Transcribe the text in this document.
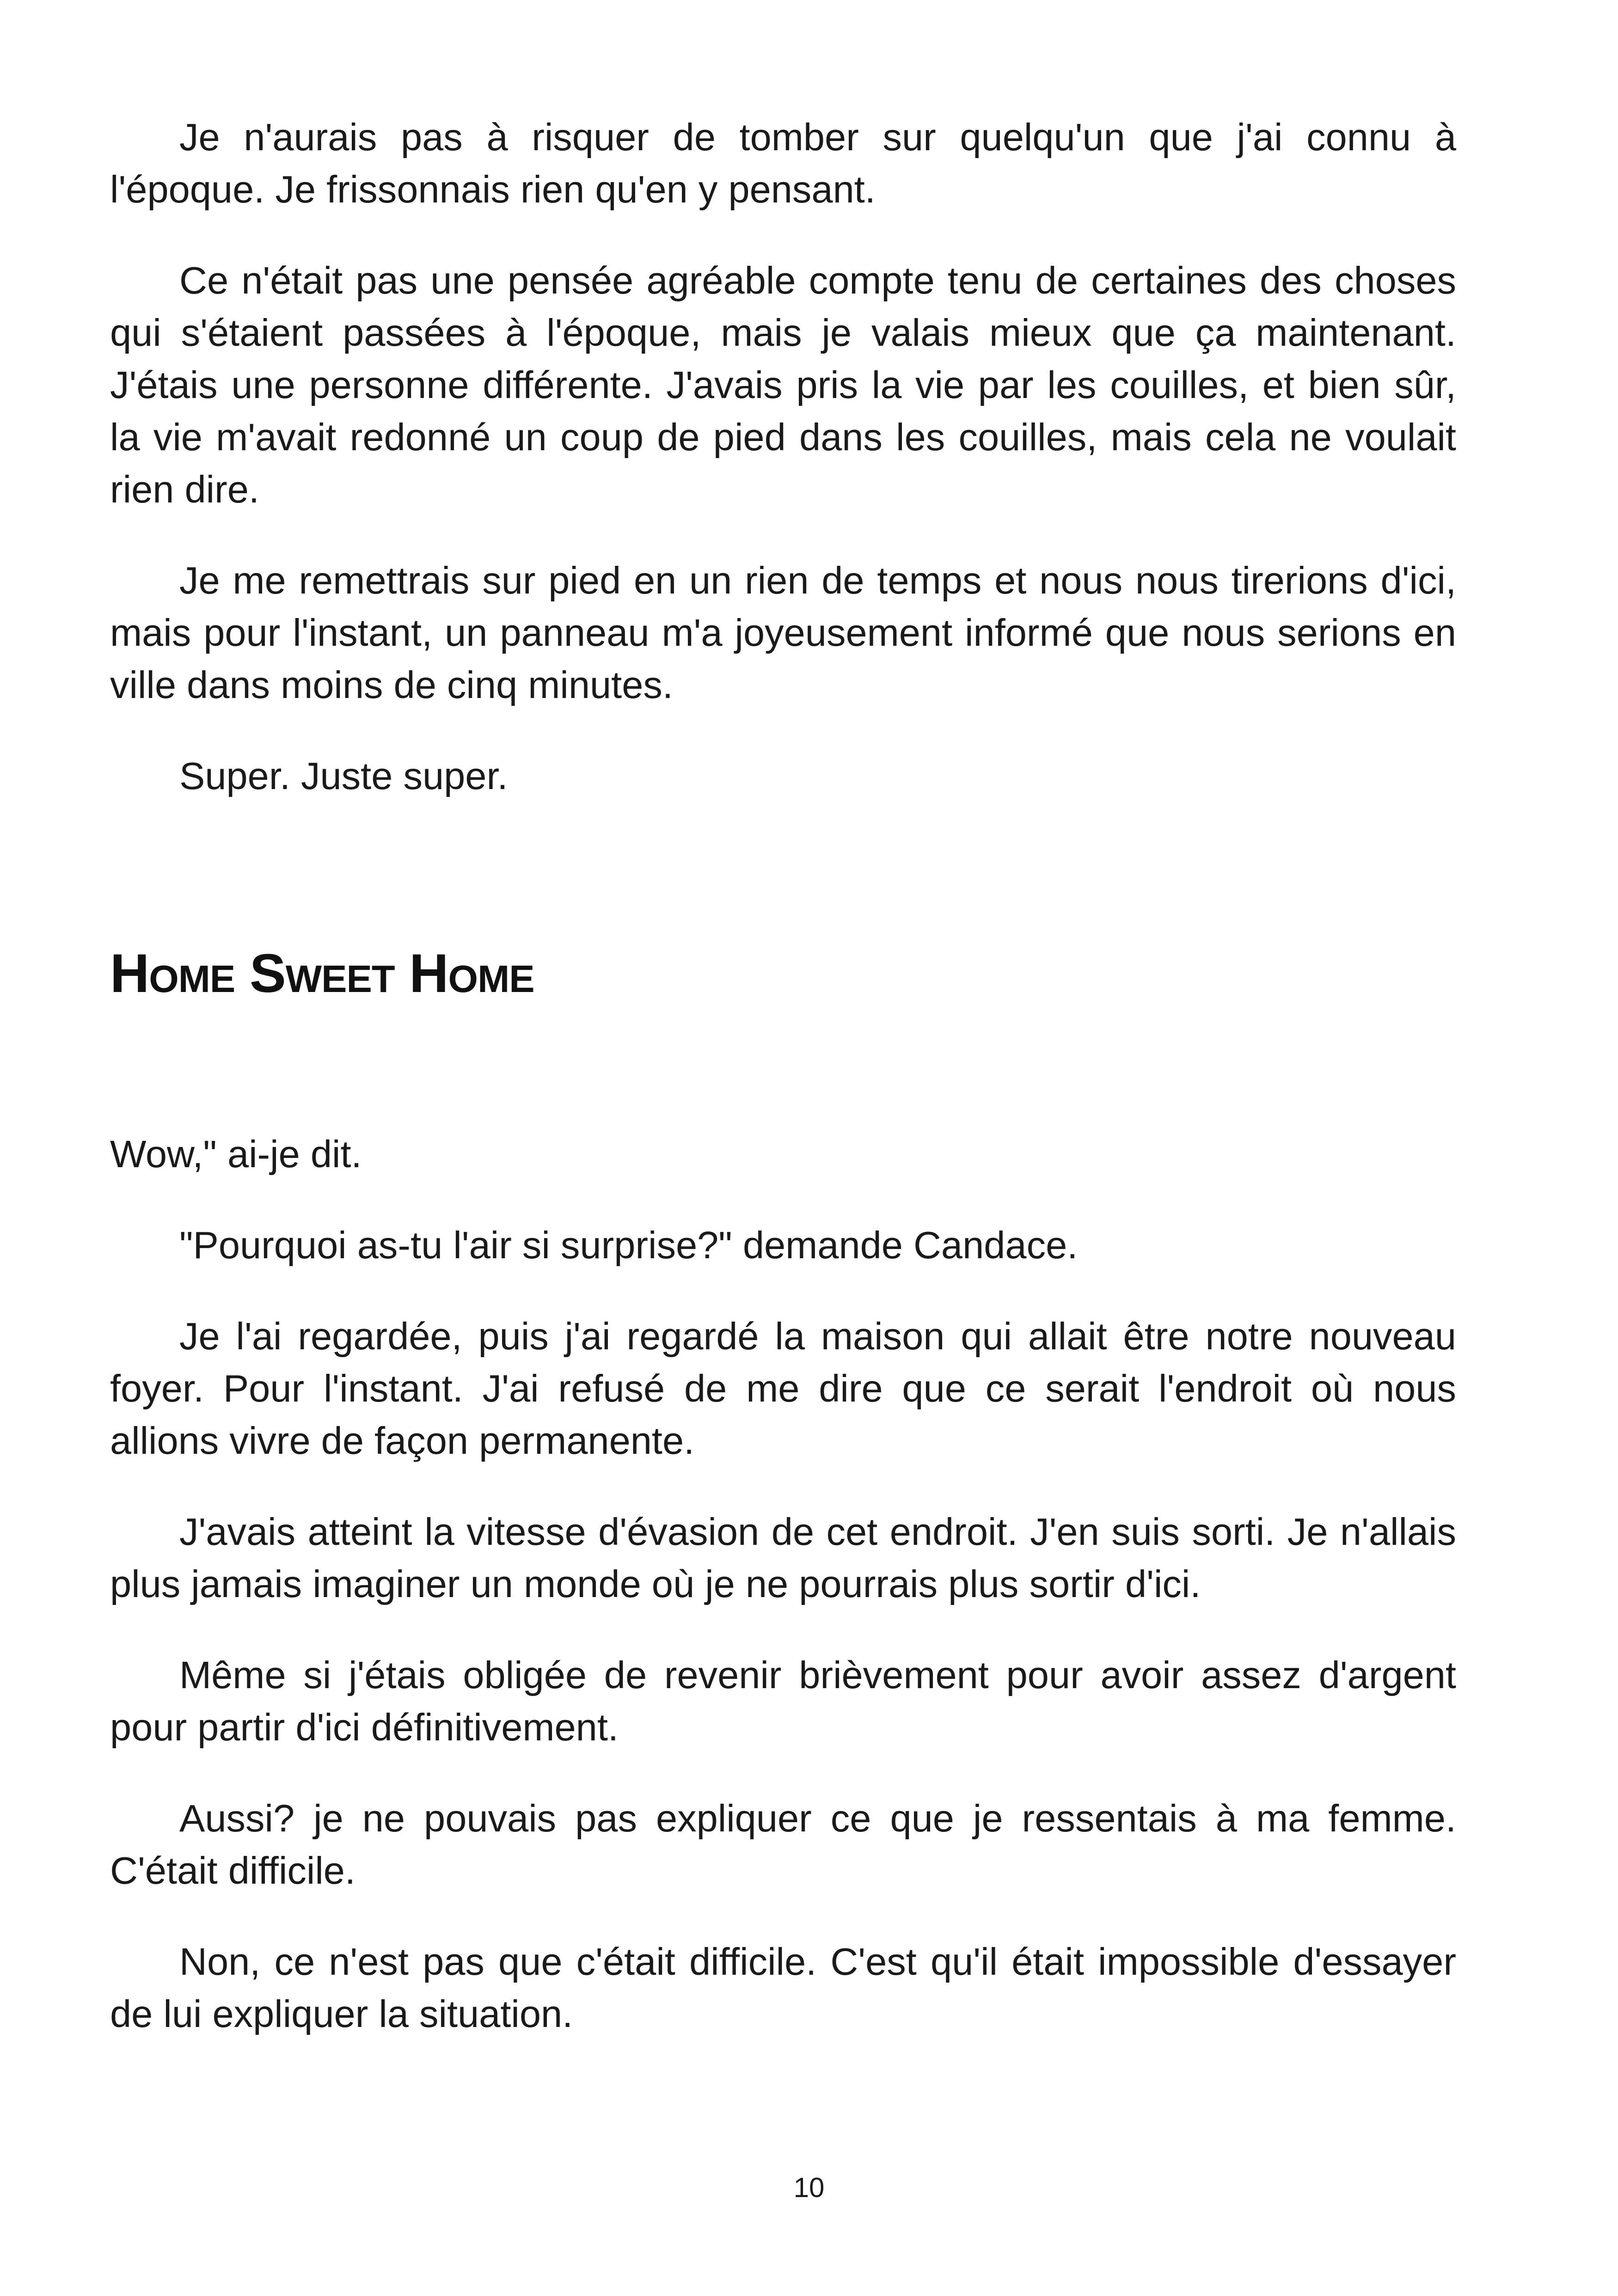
Je n'aurais pas à risquer de tomber sur quelqu'un que j'ai connu à l'époque. Je frissonnais rien qu'en y pensant.

Ce n'était pas une pensée agréable compte tenu de certaines des choses qui s'étaient passées à l'époque, mais je valais mieux que ça maintenant. J'étais une personne différente. J'avais pris la vie par les couilles, et bien sûr, la vie m'avait redonné un coup de pied dans les couilles, mais cela ne voulait rien dire.

Je me remettrais sur pied en un rien de temps et nous nous tirerions d'ici, mais pour l'instant, un panneau m'a joyeusement informé que nous serions en ville dans moins de cinq minutes.

Super. Juste super.

Home Sweet Home

Wow," ai-je dit.

"Pourquoi as-tu l'air si surprise?" demande Candace.

Je l'ai regardée, puis j'ai regardé la maison qui allait être notre nouveau foyer. Pour l'instant. J'ai refusé de me dire que ce serait l'endroit où nous allions vivre de façon permanente.

J'avais atteint la vitesse d'évasion de cet endroit. J'en suis sorti. Je n'allais plus jamais imaginer un monde où je ne pourrais plus sortir d'ici.

Même si j'étais obligée de revenir brièvement pour avoir assez d'argent pour partir d'ici définitivement.

Aussi? je ne pouvais pas expliquer ce que je ressentais à ma femme. C'était difficile.

Non, ce n'est pas que c'était difficile. C'est qu'il était impossible d'essayer de lui expliquer la situation.

10
